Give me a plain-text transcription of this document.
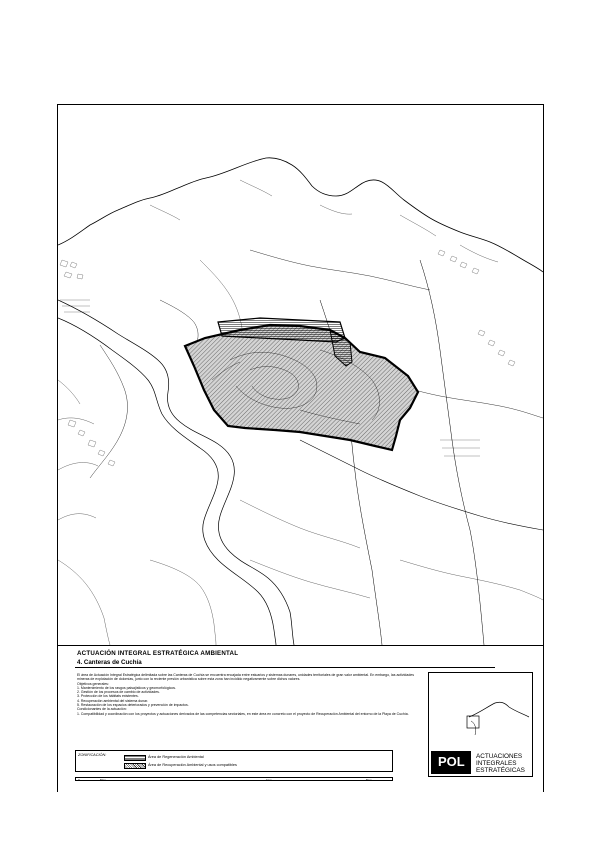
ACTUACIÓN INTEGRAL ESTRATÉGICA AMBIENTAL
4. Canteras de Cuchía

El área de Actuación Integral Estratégica delimitada sobre las Canteras de Cuchía se encuentra encajada entre estuarios y sistemas dunares, unidades territoriales de gran valor ambiental. En embargo, las actividades mineras de explotación de dolomías, junto con la reciente presión urbanística sobre esta zona han incidido negativamente sobre dichos valores.

Objetivos generales:

1. Mantenimiento de los rasgos paisajísticos y geomorfológicos.

2. Gestión de los procesos de cambio de actividades.

3. Protección de los hábitats existentes.

4. Recuperación ambiental del sistema dunar.

5. Restauración de los espacios deteriorados y prevención de impactos.

Condicionantes de la actuación:

1. Compatibilidad y coordinación con los proyectos y actuaciones derivados de las competencias sectoriales, en este área en concreto con el proyecto de Recuperación Ambiental del entorno de la Playa de Cuchía.

ZONIFICACIÓN:	Área de Regeneración Ambiental
Área de Recuperación Ambiental y usos compatibles
0	50m	1km	5km
POL ACTUACIONES
INTEGRALES
ESTRATÉGICAS
